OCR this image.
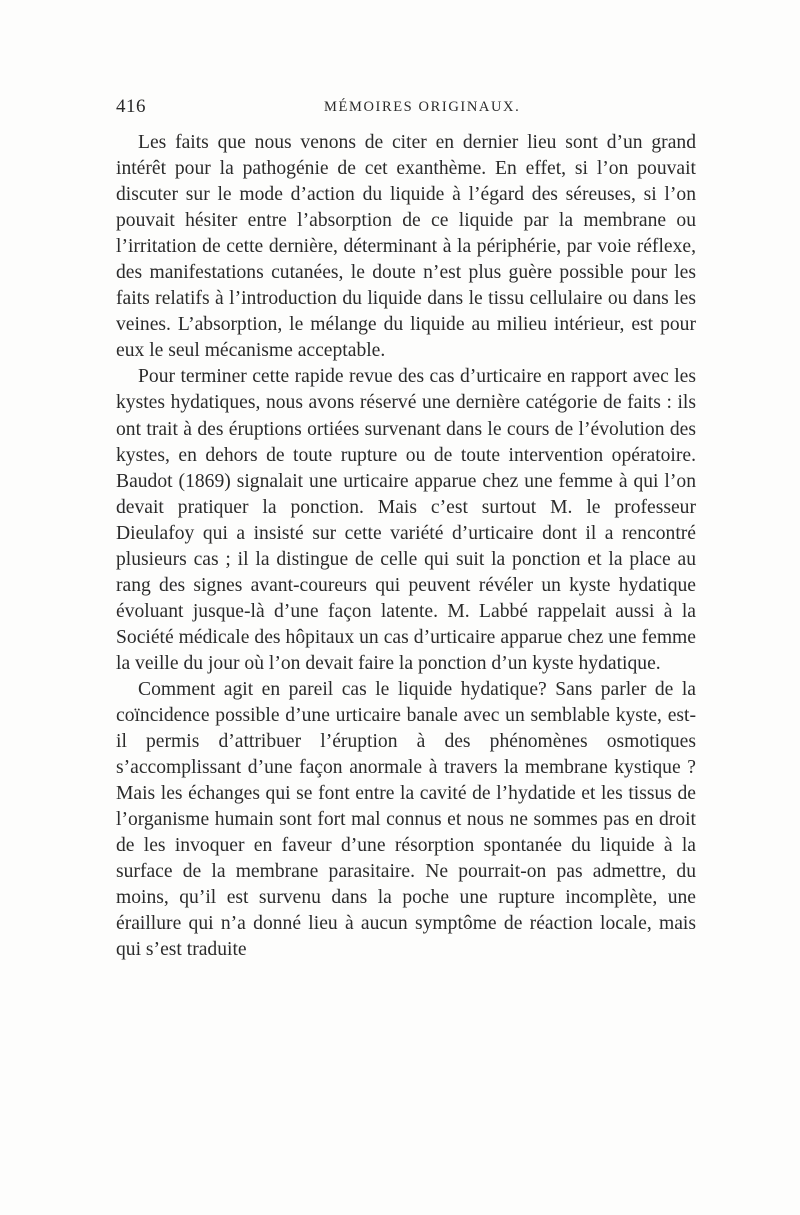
416	MÉMOIRES ORIGINAUX.

Les faits que nous venons de citer en dernier lieu sont d’un grand intérêt pour la pathogénie de cet exanthème. En effet, si l’on pouvait discuter sur le mode d’action du liquide à l’égard des séreuses, si l’on pouvait hésiter entre l’absorption de ce liquide par la membrane ou l’irritation de cette dernière, déterminant à la périphérie, par voie réflexe, des manifestations cutanées, le doute n’est plus guère possible pour les faits relatifs à l’introduction du liquide dans le tissu cellulaire ou dans les veines. L’absorption, le mélange du liquide au milieu intérieur, est pour eux le seul mécanisme acceptable.

Pour terminer cette rapide revue des cas d’urticaire en rapport avec les kystes hydatiques, nous avons réservé une dernière catégorie de faits : ils ont trait à des éruptions ortiées survenant dans le cours de l’évolution des kystes, en dehors de toute rupture ou de toute intervention opératoire. Baudot (1869) signalait une urticaire apparue chez une femme à qui l’on devait pratiquer la ponction. Mais c’est surtout M. le professeur Dieulafoy qui a insisté sur cette variété d’urticaire dont il a rencontré plusieurs cas ; il la distingue de celle qui suit la ponction et la place au rang des signes avant-coureurs qui peuvent révéler un kyste hydatique évoluant jusque-là d’une façon latente. M. Labbé rappelait aussi à la Société médicale des hôpitaux un cas d’urticaire apparue chez une femme la veille du jour où l’on devait faire la ponction d’un kyste hydatique.

Comment agit en pareil cas le liquide hydatique? Sans parler de la coïncidence possible d’une urticaire banale avec un semblable kyste, est-il permis d’attribuer l’éruption à des phénomènes osmotiques s’accomplissant d’une façon anormale à travers la membrane kystique ? Mais les échanges qui se font entre la cavité de l’hydatide et les tissus de l’organisme humain sont fort mal connus et nous ne sommes pas en droit de les invoquer en faveur d’une résorption spontanée du liquide à la surface de la membrane parasitaire. Ne pourrait-on pas admettre, du moins, qu’il est survenu dans la poche une rupture incomplète, une éraillure qui n’a donné lieu à aucun symptôme de réaction locale, mais qui s’est traduite
